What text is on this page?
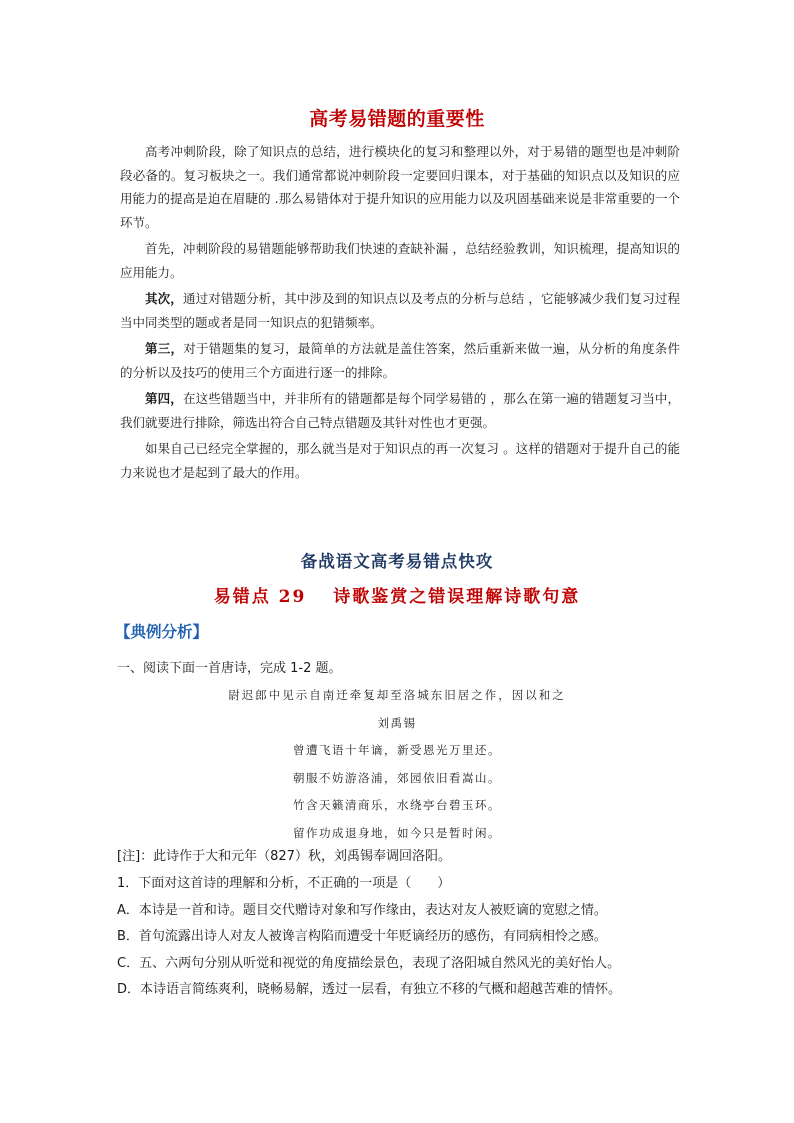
高考易错题的重要性

高考冲刺阶段，除了知识点的总结，进行模块化的复习和整理以外，对于易错的题型也是冲刺阶段必备的。复习板块之一。我们通常都说冲刺阶段一定要回归课本，对于基础的知识点以及知识的应用能力的提高是迫在眉睫的 .那么易错体对于提升知识的应用能力以及巩固基础来说是非常重要的一个环节。

首先，冲刺阶段的易错题能够帮助我们快速的查缺补漏 ，总结经验教训，知识梳理，提高知识的应用能力。

其次，通过对错题分析，其中涉及到的知识点以及考点的分析与总结 ，它能够减少我们复习过程当中同类型的题或者是同一知识点的犯错频率。

第三，对于错题集的复习，最简单的方法就是盖住答案，然后重新来做一遍，从分析的角度条件的分析以及技巧的使用三个方面进行逐一的排除。

第四，在这些错题当中，并非所有的错题都是每个同学易错的 ，那么在第一遍的错题复习当中，我们就要进行排除，筛选出符合自己特点错题及其针对性也才更强。

如果自己已经完全掌握的，那么就当是对于知识点的再一次复习 。这样的错题对于提升自己的能力来说也才是起到了最大的作用。

备战语文高考易错点快攻
易错点 29　 诗歌鉴赏之错误理解诗歌句意
【典例分析】
一、阅读下面一首唐诗，完成 1-2 题。
尉迟郎中见示自南迁牵复却至洛城东旧居之作，因以和之
刘禹锡
曾遭飞语十年谪，新受恩光万里还。
朝服不妨游洛浦，郊园依旧看嵩山。
竹含天籁清商乐，水绕亭台碧玉环。
留作功成退身地，如今只是暂时闲。
[注]：此诗作于大和元年（827）秋，刘禹锡奉调回洛阳。
1．下面对这首诗的理解和分析，不正确的一项是（　　）
A．本诗是一首和诗。题目交代赠诗对象和写作缘由，表达对友人被贬谪的宽慰之情。
B．首句流露出诗人对友人被谗言构陷而遭受十年贬谪经历的感伤，有同病相怜之感。
C．五、六两句分别从听觉和视觉的角度描绘景色，表现了洛阳城自然风光的美好怡人。
D．本诗语言简练爽利，晓畅易解，透过一层看，有独立不移的气概和超越苦难的情怀。
